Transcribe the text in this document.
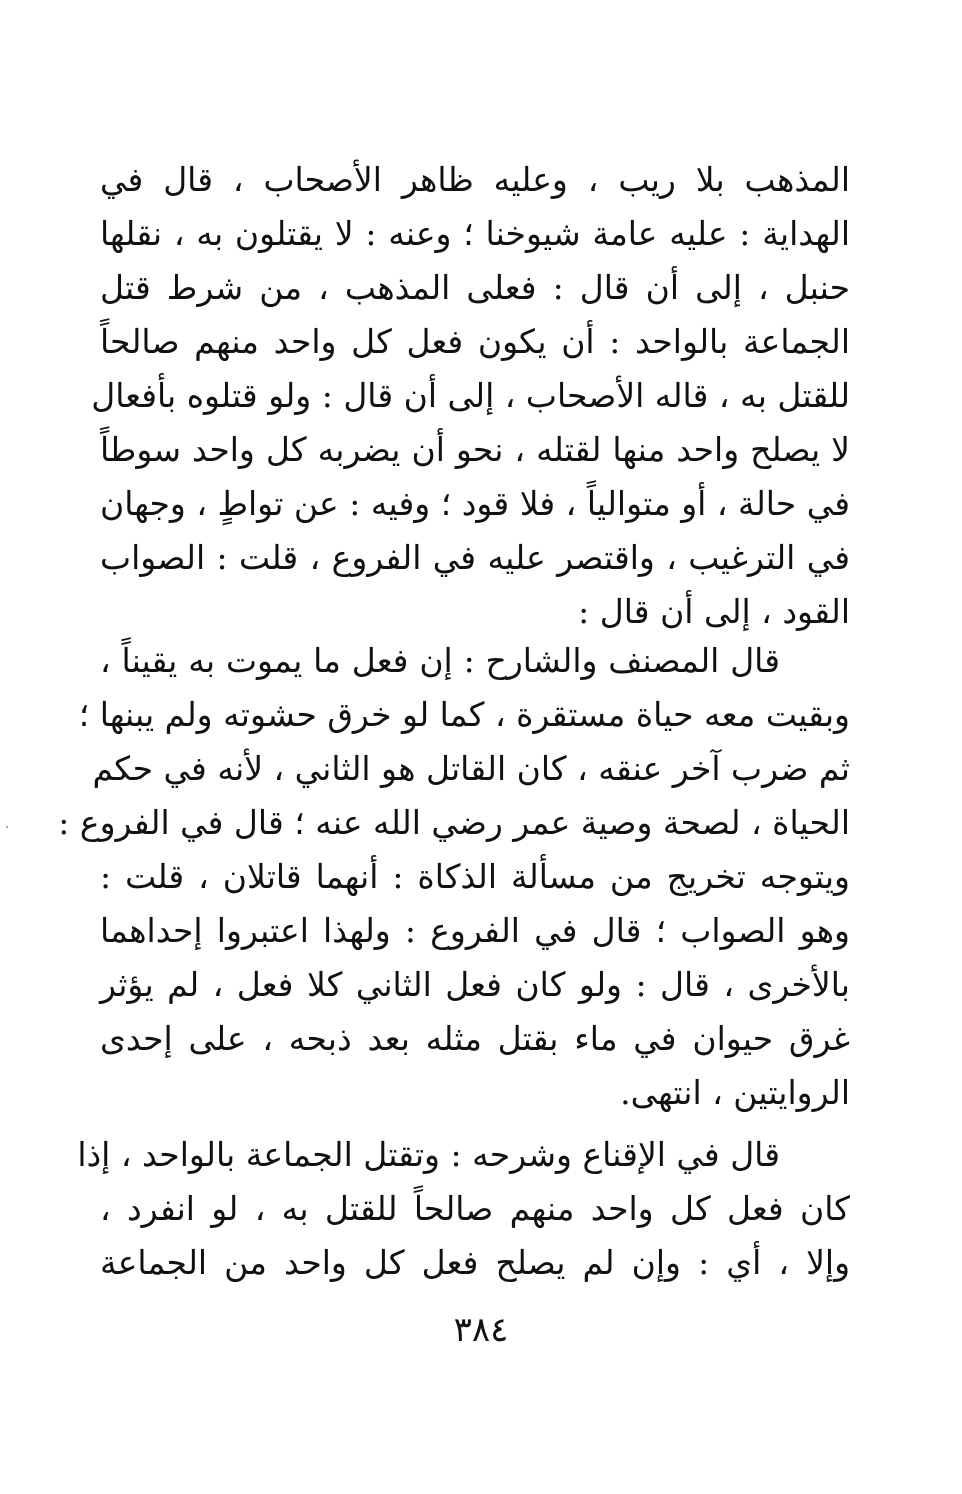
المذهب بلا ريب ، وعليه ظاهر الأصحاب ، قال في
الهداية : عليه عامة شيوخنا ؛ وعنه : لا يقتلون به ، نقلها
حنبل ، إلى أن قال : فعلى المذهب ، من شرط قتل
الجماعة بالواحد : أن يكون فعل كل واحد منهم صالحاً
للقتل به ، قاله الأصحاب ، إلى أن قال : ولو قتلوه بأفعال
لا يصلح واحد منها لقتله ، نحو أن يضربه كل واحد سوطاً
في حالة ، أو متوالياً ، فلا قود ؛ وفيه : عن تواطٍ ، وجهان
في الترغيب ، واقتصر عليه في الفروع ، قلت : الصواب
القود ، إلى أن قال :
قال المصنف والشارح : إن فعل ما يموت به يقيناً ،
وبقيت معه حياة مستقرة ، كما لو خرق حشوته ولم يبنها ؛
ثم ضرب آخر عنقه ، كان القاتل هو الثاني ، لأنه في حكم
الحياة ، لصحة وصية عمر رضي الله عنه ؛ قال في الفروع :
ويتوجه تخريج من مسألة الذكاة : أنهما قاتلان ، قلت :
وهو الصواب ؛ قال في الفروع : ولهذا اعتبروا إحداهما
بالأخرى ، قال : ولو كان فعل الثاني كلا فعل ، لم يؤثر
غرق حيوان في ماء بقتل مثله بعد ذبحه ، على إحدى
الروايتين ، انتهى.
قال في الإقناع وشرحه : وتقتل الجماعة بالواحد ، إذا
كان فعل كل واحد منهم صالحاً للقتل به ، لو انفرد ،
وإلا ، أي : وإن لم يصلح فعل كل واحد من الجماعة
٣٨٤
